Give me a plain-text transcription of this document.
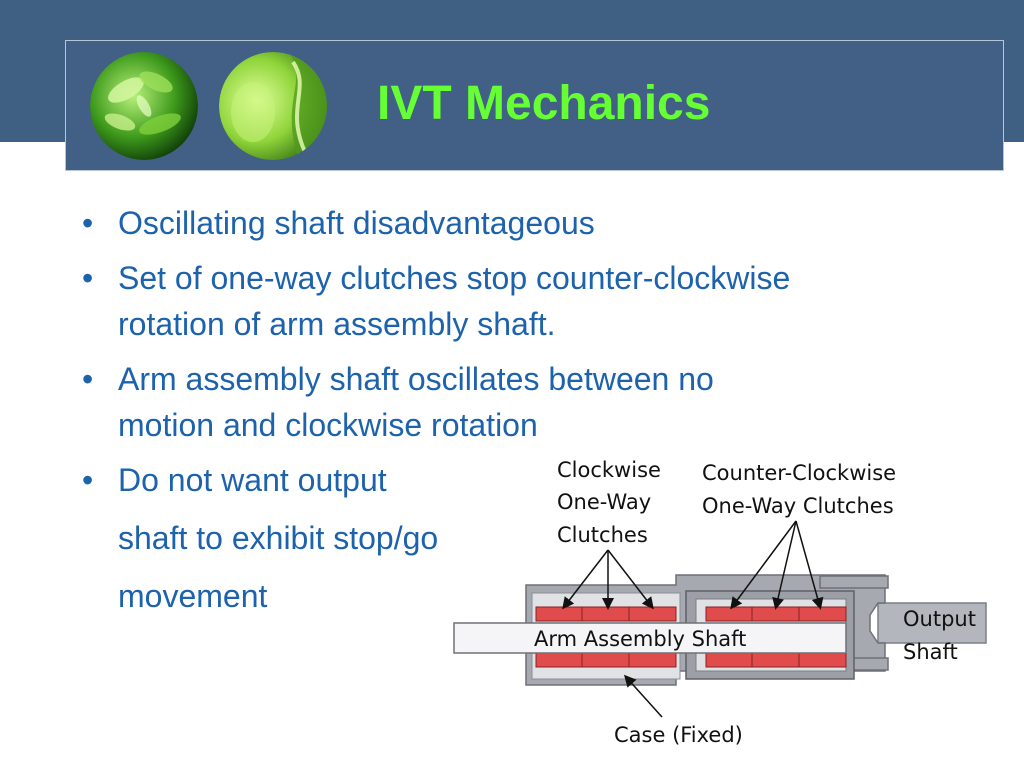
IVT Mechanics
• Oscillating shaft disadvantageous
• Set of one-way clutches stop counter-clockwise
rotation of arm assembly shaft.
• Arm assembly shaft oscillates between no
motion and clockwise rotation
• Do not want output
shaft to exhibit stop/go
movement
Arm Assembly Shaft
Clockwise
One-Way
Clutches
Counter-Clockwise
One-Way Clutches
Output
Shaft
Case (Fixed)
